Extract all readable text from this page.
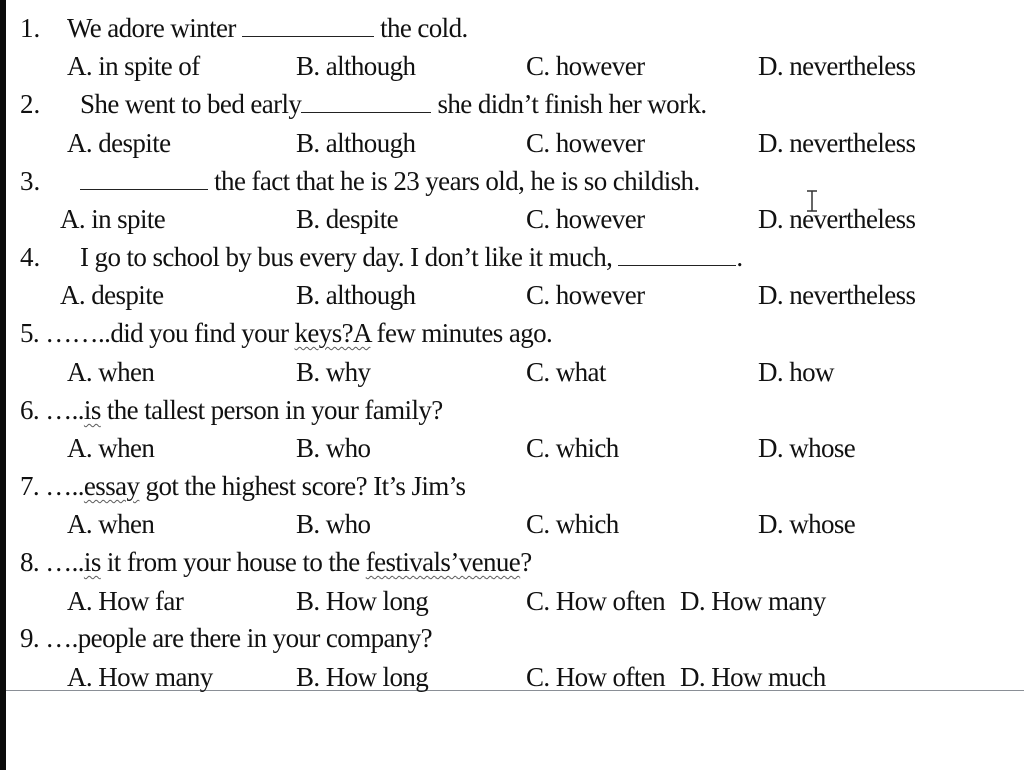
1. We adore winter	the cold.
A. in spite of	B. although	C. however	D. nevertheless
2. She went to bed early	she didn’t finish her work.
A. despite	B. although	C. however	D. nevertheless
3.	the fact that he is 23 years old, he is so childish.
A. in spite	B. despite	C. however	D. nevertheless
4. I go to school by bus every day. I don’t like it much,	.
A. despite	B. although	C. however	D. nevertheless
5. ……..did you find your keys?A few minutes ago.
A. when	B. why	C. what	D. how
6. …..is the tallest person in your family?
A. when	B. who	C. which	D. whose
7. …..essay got the highest score? It’s Jim’s
A. when	B. who	C. which	D. whose
8. …..is it from your house to the festivals’venue?
A. How far	B. How long	C. How often D. How many
9. ….people are there in your company?
A. How many	B. How long	C. How often D. How much
